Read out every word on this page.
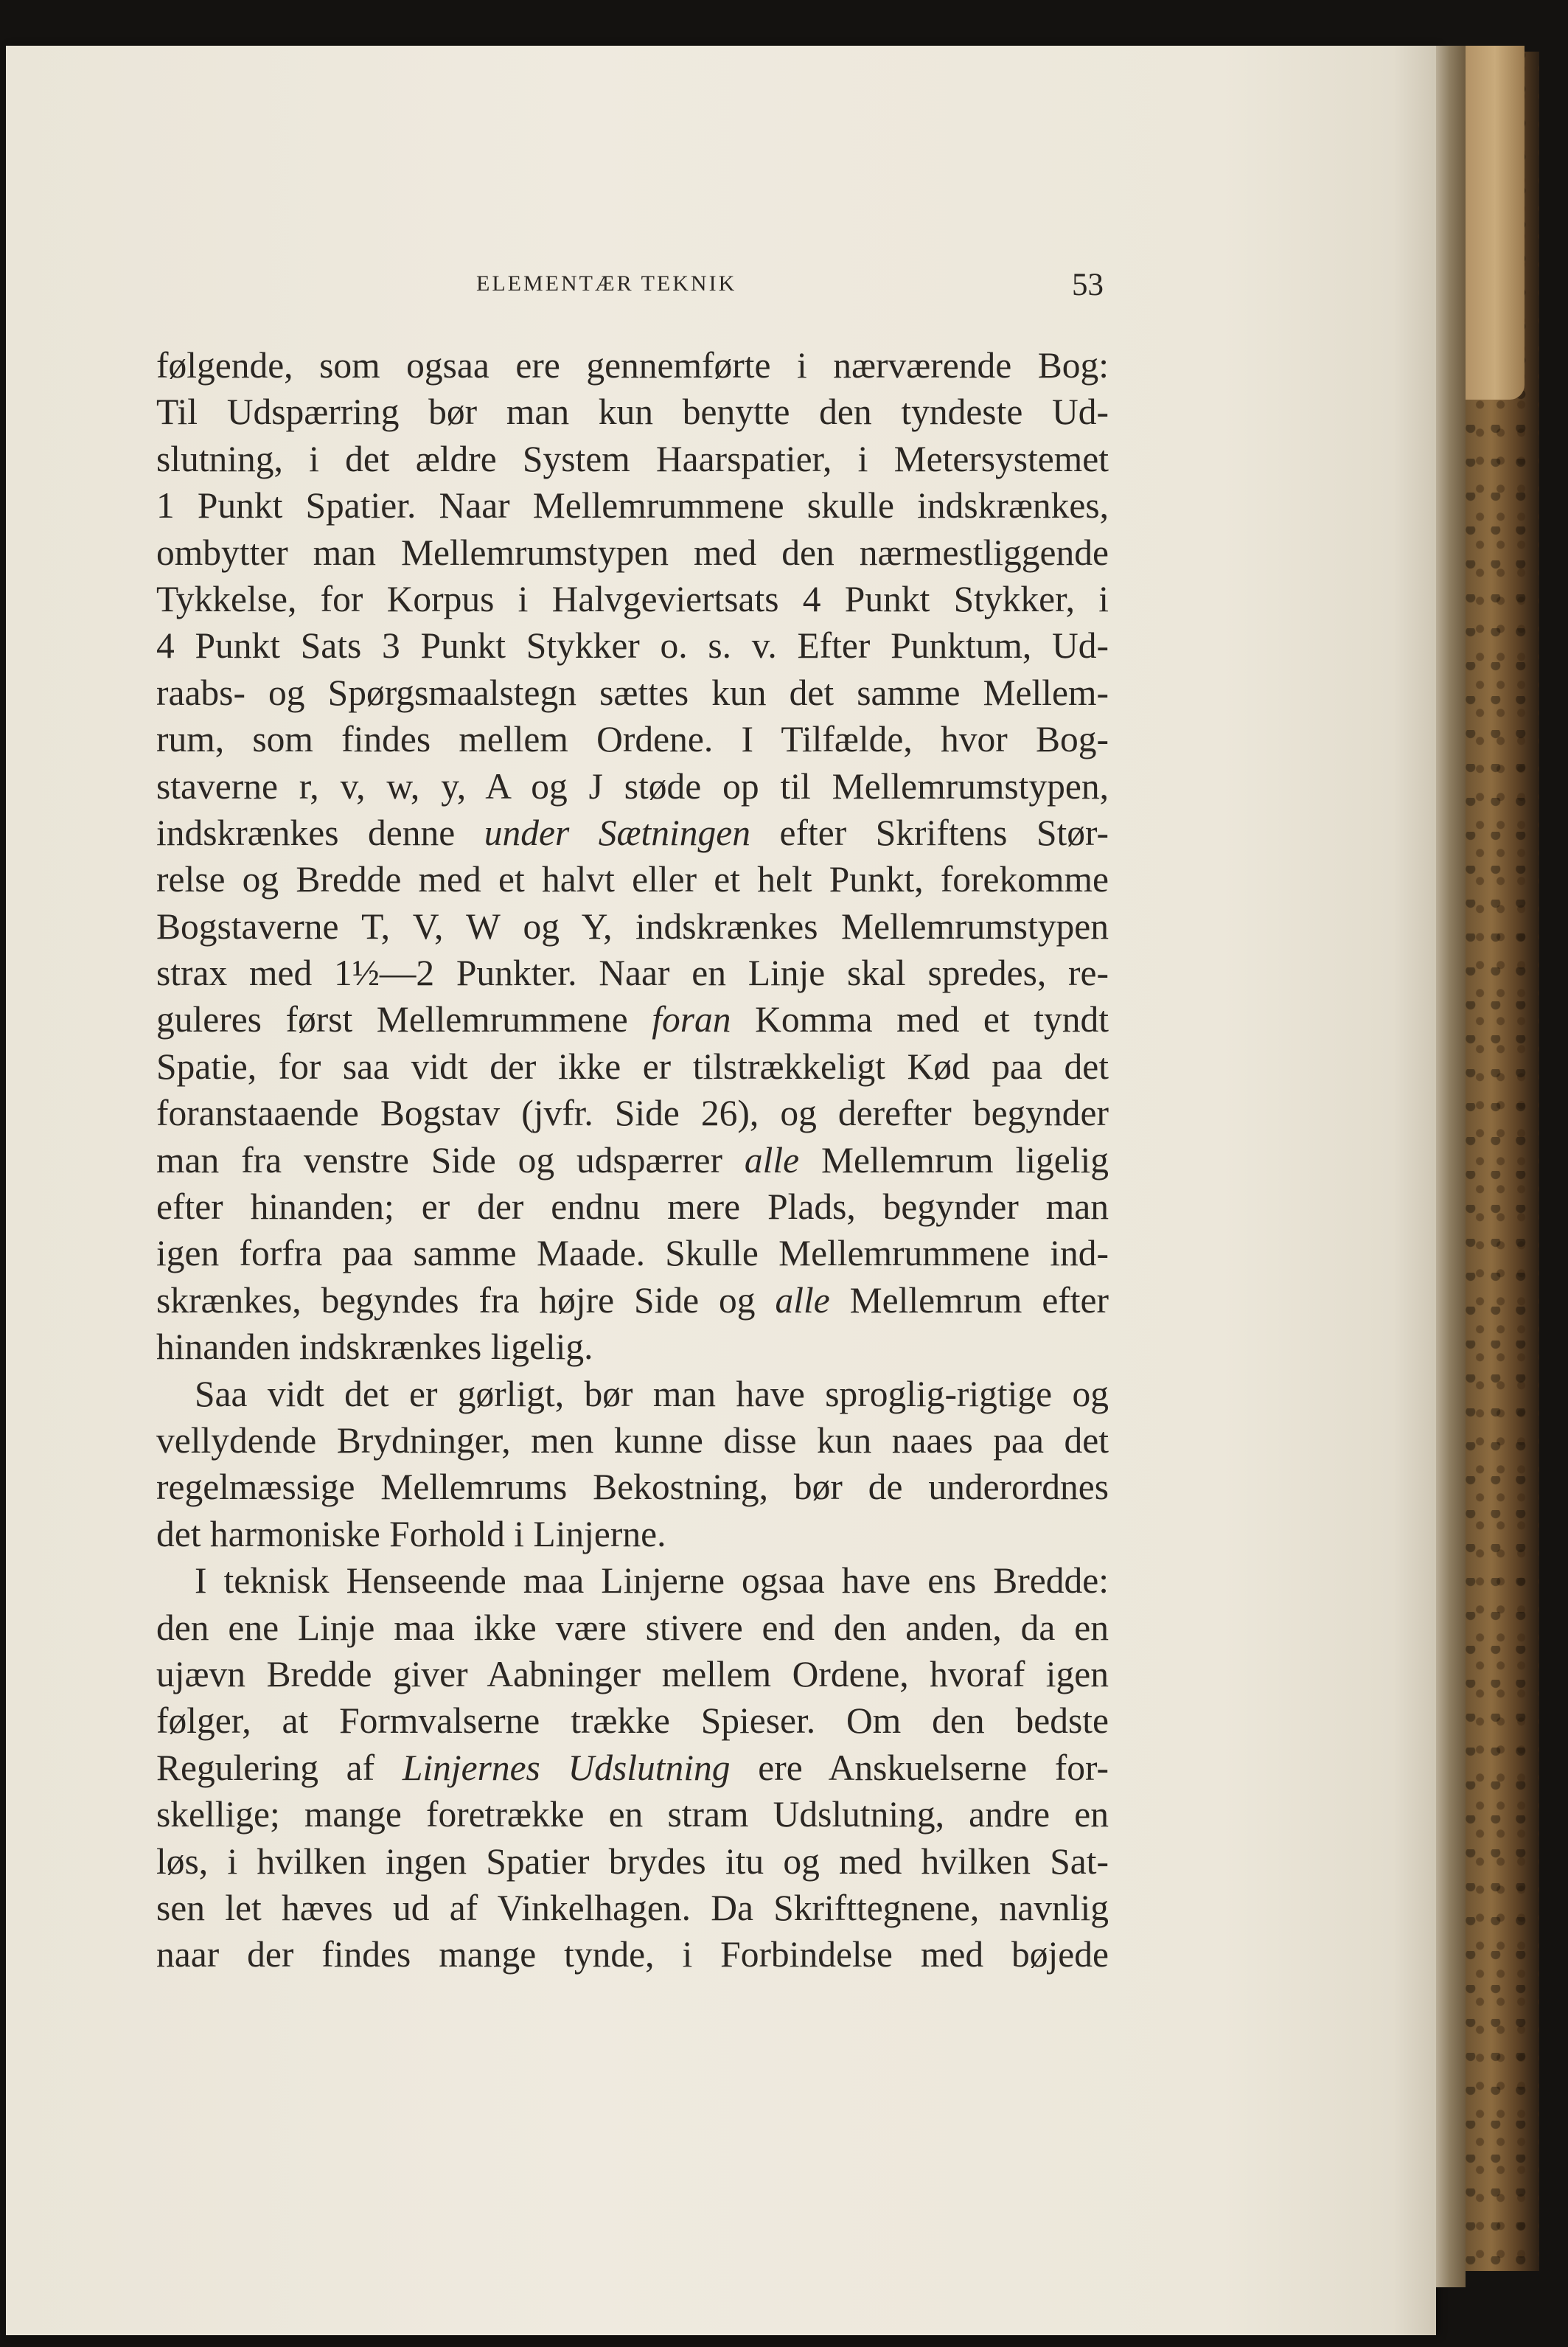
ELEMENTÆR TEKNIK	53
følgende, som ogsaa ere gennemførte i nærværende Bog:
Til Udspærring bør man kun benytte den tyndeste Ud-
slutning, i det ældre System Haarspatier, i Metersystemet
1 Punkt Spatier. Naar Mellemrummene skulle indskrænkes,
ombytter man Mellemrumstypen med den nærmestliggende
Tykkelse, for Korpus i Halvgeviertsats 4 Punkt Stykker, i
4 Punkt Sats 3 Punkt Stykker o. s. v. Efter Punktum, Ud-
raabs- og Spørgsmaalstegn sættes kun det samme Mellem-
rum, som findes mellem Ordene. I Tilfælde, hvor Bog-
staverne r, v, w, y, A og J støde op til Mellemrumstypen,
indskrænkes denne under Sætningen efter Skriftens Stør-
relse og Bredde med et halvt eller et helt Punkt, forekomme
Bogstaverne T, V, W og Y, indskrænkes Mellemrumstypen
strax med 1½—2 Punkter. Naar en Linje skal spredes, re-
guleres først Mellemrummene foran Komma med et tyndt
Spatie, for saa vidt der ikke er tilstrækkeligt Kød paa det
foranstaaende Bogstav (jvfr. Side 26), og derefter begynder
man fra venstre Side og udspærrer alle Mellemrum ligelig
efter hinanden; er der endnu mere Plads, begynder man
igen forfra paa samme Maade. Skulle Mellemrummene ind-
skrænkes, begyndes fra højre Side og alle Mellemrum efter
hinanden indskrænkes ligelig.
Saa vidt det er gørligt, bør man have sproglig-rigtige og
vellydende Brydninger, men kunne disse kun naaes paa det
regelmæssige Mellemrums Bekostning, bør de underordnes
det harmoniske Forhold i Linjerne.
I teknisk Henseende maa Linjerne ogsaa have ens Bredde:
den ene Linje maa ikke være stivere end den anden, da en
ujævn Bredde giver Aabninger mellem Ordene, hvoraf igen
følger, at Formvalserne trække Spieser. Om den bedste
Regulering af Linjernes Udslutning ere Anskuelserne for-
skellige; mange foretrække en stram Udslutning, andre en
løs, i hvilken ingen Spatier brydes itu og med hvilken Sat-
sen let hæves ud af Vinkelhagen. Da Skrifttegnene, navnlig
naar der findes mange tynde, i Forbindelse med bøjede
